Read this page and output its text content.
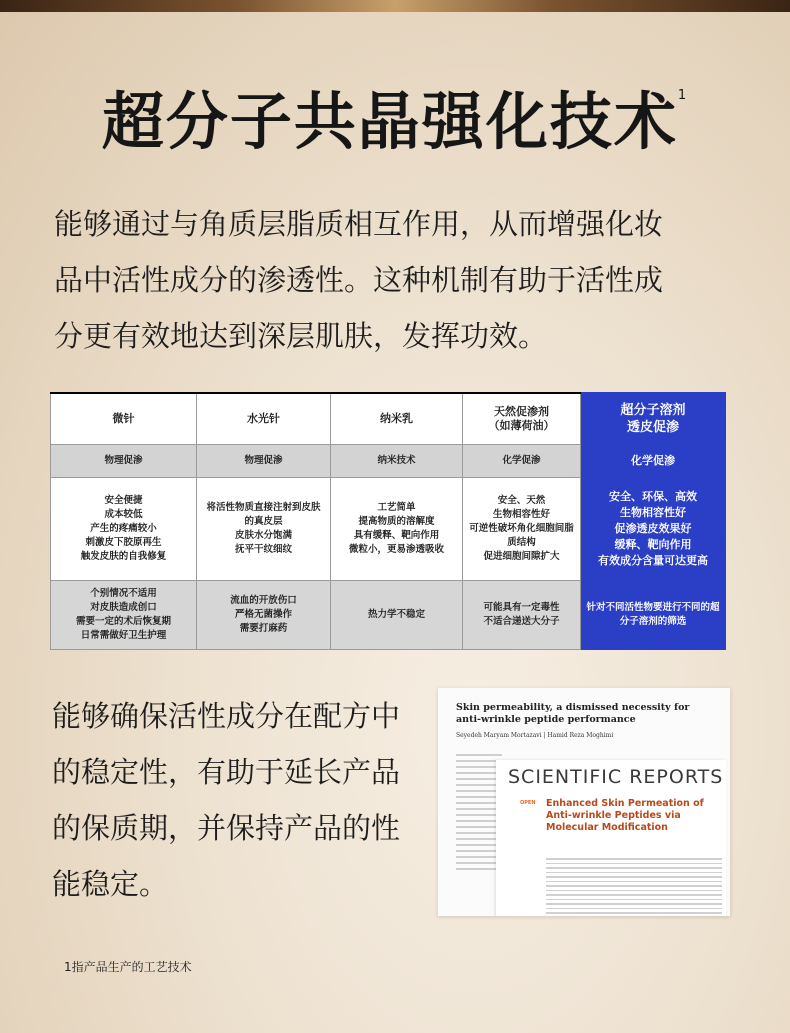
超分子共晶强化技术$^1$
能够通过与角质层脂质相互作用，从而增强化妆
品中活性成分的渗透性。这种机制有助于活性成
分更有效地达到深层肌肤，发挥功效。
微针	水光针	纳米乳	天然促渗剂
（如薄荷油）	超分子溶剂
透皮促渗
物理促渗	物理促渗	纳米技术	化学促渗	化学促渗
安全便捷
成本较低
产生的疼痛较小
刺激皮下胶原再生
触发皮肤的自我修复	将活性物质直接注射到皮肤
的真皮层
皮肤水分饱满
抚平干纹细纹	工艺简单
提高物质的溶解度
具有缓释、靶向作用
微粒小，更易渗透吸收	安全、天然
生物相容性好
可逆性破坏角化细胞间脂
质结构
促进细胞间隙扩大	安全、环保、高效
生物相容性好
促渗透皮效果好
缓释、靶向作用
有效成分含量可达更高
个别情况不适用
对皮肤造成创口
需要一定的术后恢复期
日常需做好卫生护理	流血的开放伤口
严格无菌操作
需要打麻药	热力学不稳定	可能具有一定毒性
不适合递送大分子	针对不同活性物要进行不同的超
分子溶剂的筛选
能够确保活性成分在配方中
的稳定性，有助于延长产品
的保质期，并保持产品的性
能稳定。
Skin permeability, a dismissed necessity for anti-wrinkle peptide performance
Seyedeh Maryam Mortazavi | Hamid Reza Moghimi
SCIENTIFIC REPORTS
OPEN Enhanced Skin Permeation of Anti-wrinkle Peptides via Molecular Modification
1指产品生产的工艺技术
